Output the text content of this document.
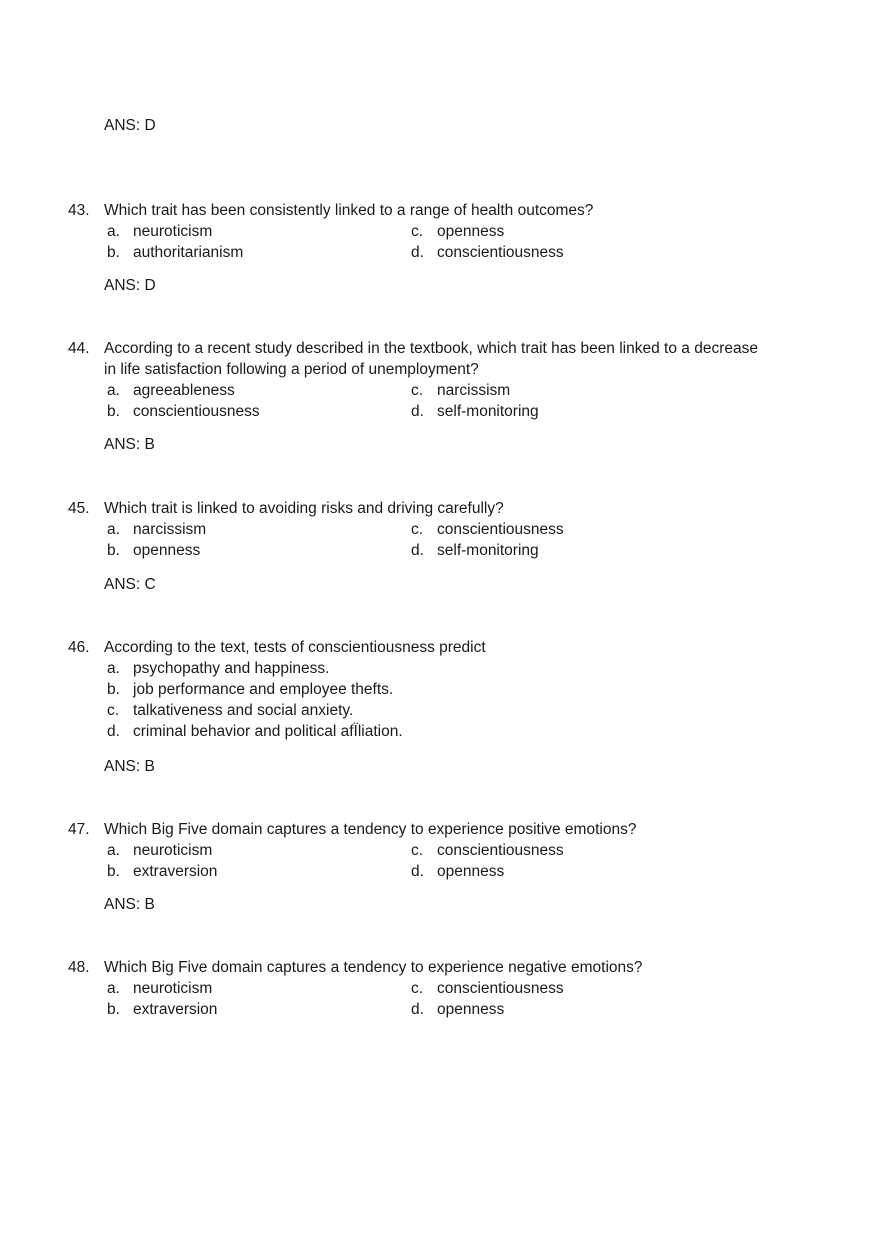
ANS: D
43. Which trait has been consistently linked to a range of health outcomes?
a. neuroticism
b. authoritarianism
c. openness
d. conscientiousness
ANS: D
44. According to a recent study described in the textbook, which trait has been linked to a decrease
in life satisfaction following a period of unemployment?
a. agreeableness
b. conscientiousness
c. narcissism
d. self-monitoring
ANS: B
45. Which trait is linked to avoiding risks and driving carefully?
a. narcissism
b. openness
c. conscientiousness
d. self-monitoring
ANS: C
46. According to the text, tests of conscientiousness predict
a. psychopathy and happiness.
b. job performance and employee thefts.
c. talkativeness and social anxiety.
d. criminal behavior and political afÏliation.
ANS: B
47. Which Big Five domain captures a tendency to experience positive emotions?
a. neuroticism
b. extraversion
c. conscientiousness
d. openness
ANS: B
48. Which Big Five domain captures a tendency to experience negative emotions?
a. neuroticism
b. extraversion
c. conscientiousness
d. openness
